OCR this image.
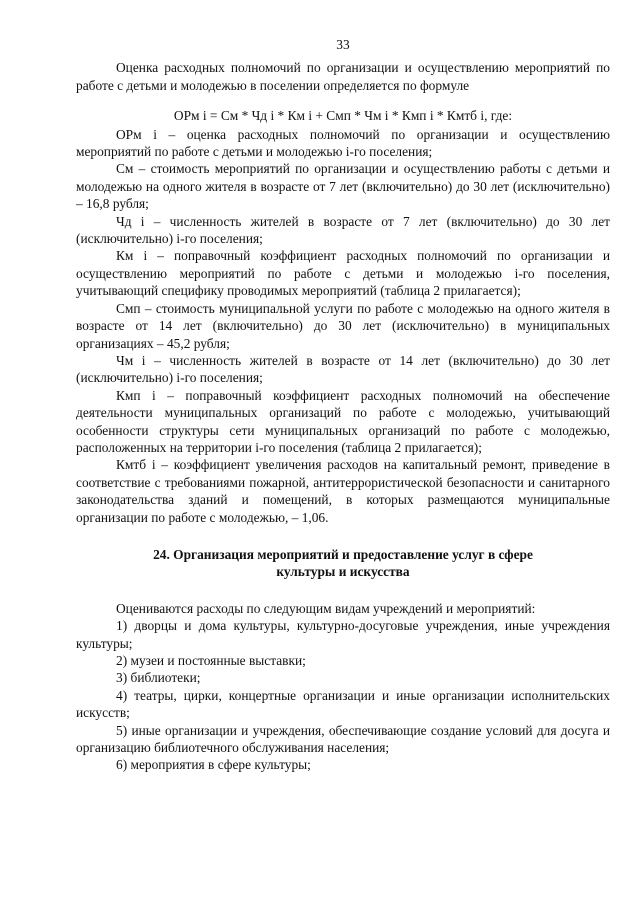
33

Оценка расходных полномочий по организации и осуществлению мероприятий по работе с детьми и молодежью в поселении определяется по формуле

ОРм i = См * Чд i * Км i + Смп * Чм i * Кмп i * Кмтб i, где:

ОРм i – оценка расходных полномочий по организации и осуществлению мероприятий по работе с детьми и молодежью i-го поселения;

См – стоимость мероприятий по организации и осуществлению работы с детьми и молодежью на одного жителя в возрасте от 7 лет (включительно) до 30 лет (исключительно) – 16,8 рубля;

Чд i – численность жителей в возрасте от 7 лет (включительно) до 30 лет (исключительно) i-го поселения;

Км i – поправочный коэффициент расходных полномочий по организации и осуществлению мероприятий по работе с детьми и молодежью i-го поселения, учитывающий специфику проводимых мероприятий (таблица 2 прилагается);

Смп – стоимость муниципальной услуги по работе с молодежью на одного жителя в возрасте от 14 лет (включительно) до 30 лет (исключительно) в муниципальных организациях – 45,2 рубля;

Чм i – численность жителей в возрасте от 14 лет (включительно) до 30 лет (исключительно) i-го поселения;

Кмп i – поправочный коэффициент расходных полномочий на обеспечение деятельности муниципальных организаций по работе с молодежью, учитывающий особенности структуры сети муниципальных организаций по работе с молодежью, расположенных на территории i-го поселения (таблица 2 прилагается);

Кмтб i – коэффициент увеличения расходов на капитальный ремонт, приведение в соответствие с требованиями пожарной, антитеррористической безопасности и санитарного законодательства зданий и помещений, в которых размещаются муниципальные организации по работе с молодежью, – 1,06.

24. Организация мероприятий и предоставление услуг в сфере
культуры и искусства

Оцениваются расходы по следующим видам учреждений и мероприятий:

1) дворцы и дома культуры, культурно-досуговые учреждения, иные учреждения культуры;

2) музеи и постоянные выставки;

3) библиотеки;

4) театры, цирки, концертные организации и иные организации исполнительских искусств;

5) иные организации и учреждения, обеспечивающие создание условий для досуга и организацию библиотечного обслуживания населения;

6) мероприятия в сфере культуры;
